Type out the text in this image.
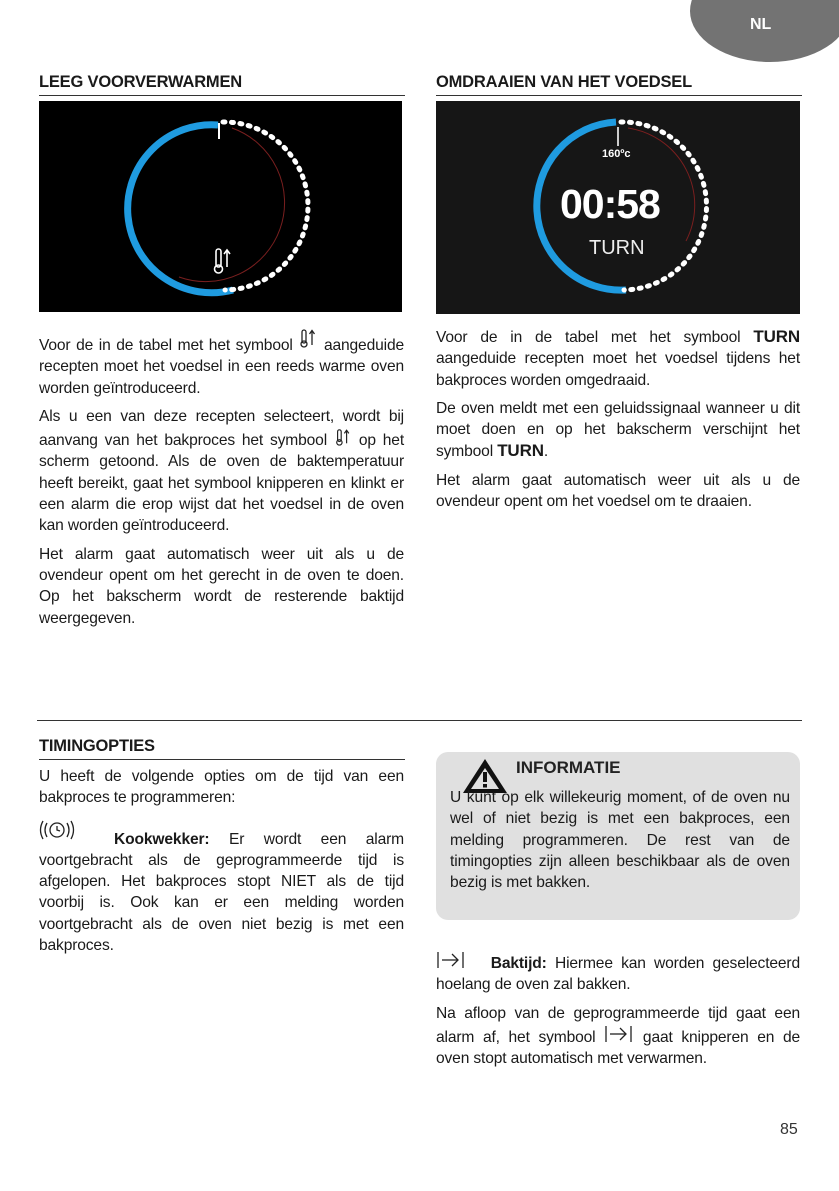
NL
LEEG VOORVERWARMEN

Voor de in de tabel met het symbool aangeduide recepten moet het voedsel in een reeds warme oven worden geïntroduceerd.

Als u een van deze recepten selecteert, wordt bij aanvang van het bakproces het symbool op het scherm getoond. Als de oven de baktemperatuur heeft bereikt, gaat het symbool knipperen en klinkt er een alarm die erop wijst dat het voedsel in de oven kan worden geïntroduceerd.

Het alarm gaat automatisch weer uit als u de ovendeur opent om het gerecht in de oven te doen. Op het bakscherm wordt de resterende baktijd weergegeven.

OMDRAAIEN VAN HET VOEDSEL
160ºc
00:58
TURN

Voor de in de tabel met het symbool TURN aangeduide recepten moet het voedsel tijdens het bakproces worden omgedraaid.

De oven meldt met een geluidssignaal wanneer u dit moet doen en op het bakscherm verschijnt het symbool TURN.

Het alarm gaat automatisch weer uit als u de ovendeur opent om het voedsel om te draaien.

TIMINGOPTIES

U heeft de volgende opties om de tijd van een bakproces te programmeren:

Kookwekker: Er wordt een alarm voortgebracht als de geprogrammeerde tijd is afgelopen. Het bakproces stopt NIET als de tijd voorbij is. Ook kan er een melding worden voortgebracht als de oven niet bezig is met een bakproces.

INFORMATIE
U kunt op elk willekeurig moment, of de oven nu wel of niet bezig is met een bakproces, een melding programmeren. De rest van de timingopties zijn alleen beschikbaar als de oven bezig is met bakken.

Baktijd: Hiermee kan worden geselecteerd hoelang de oven zal bakken.

Na afloop van de geprogrammeerde tijd gaat een alarm af, het symbool	gaat knipperen en de oven stopt automatisch met verwarmen.

85
